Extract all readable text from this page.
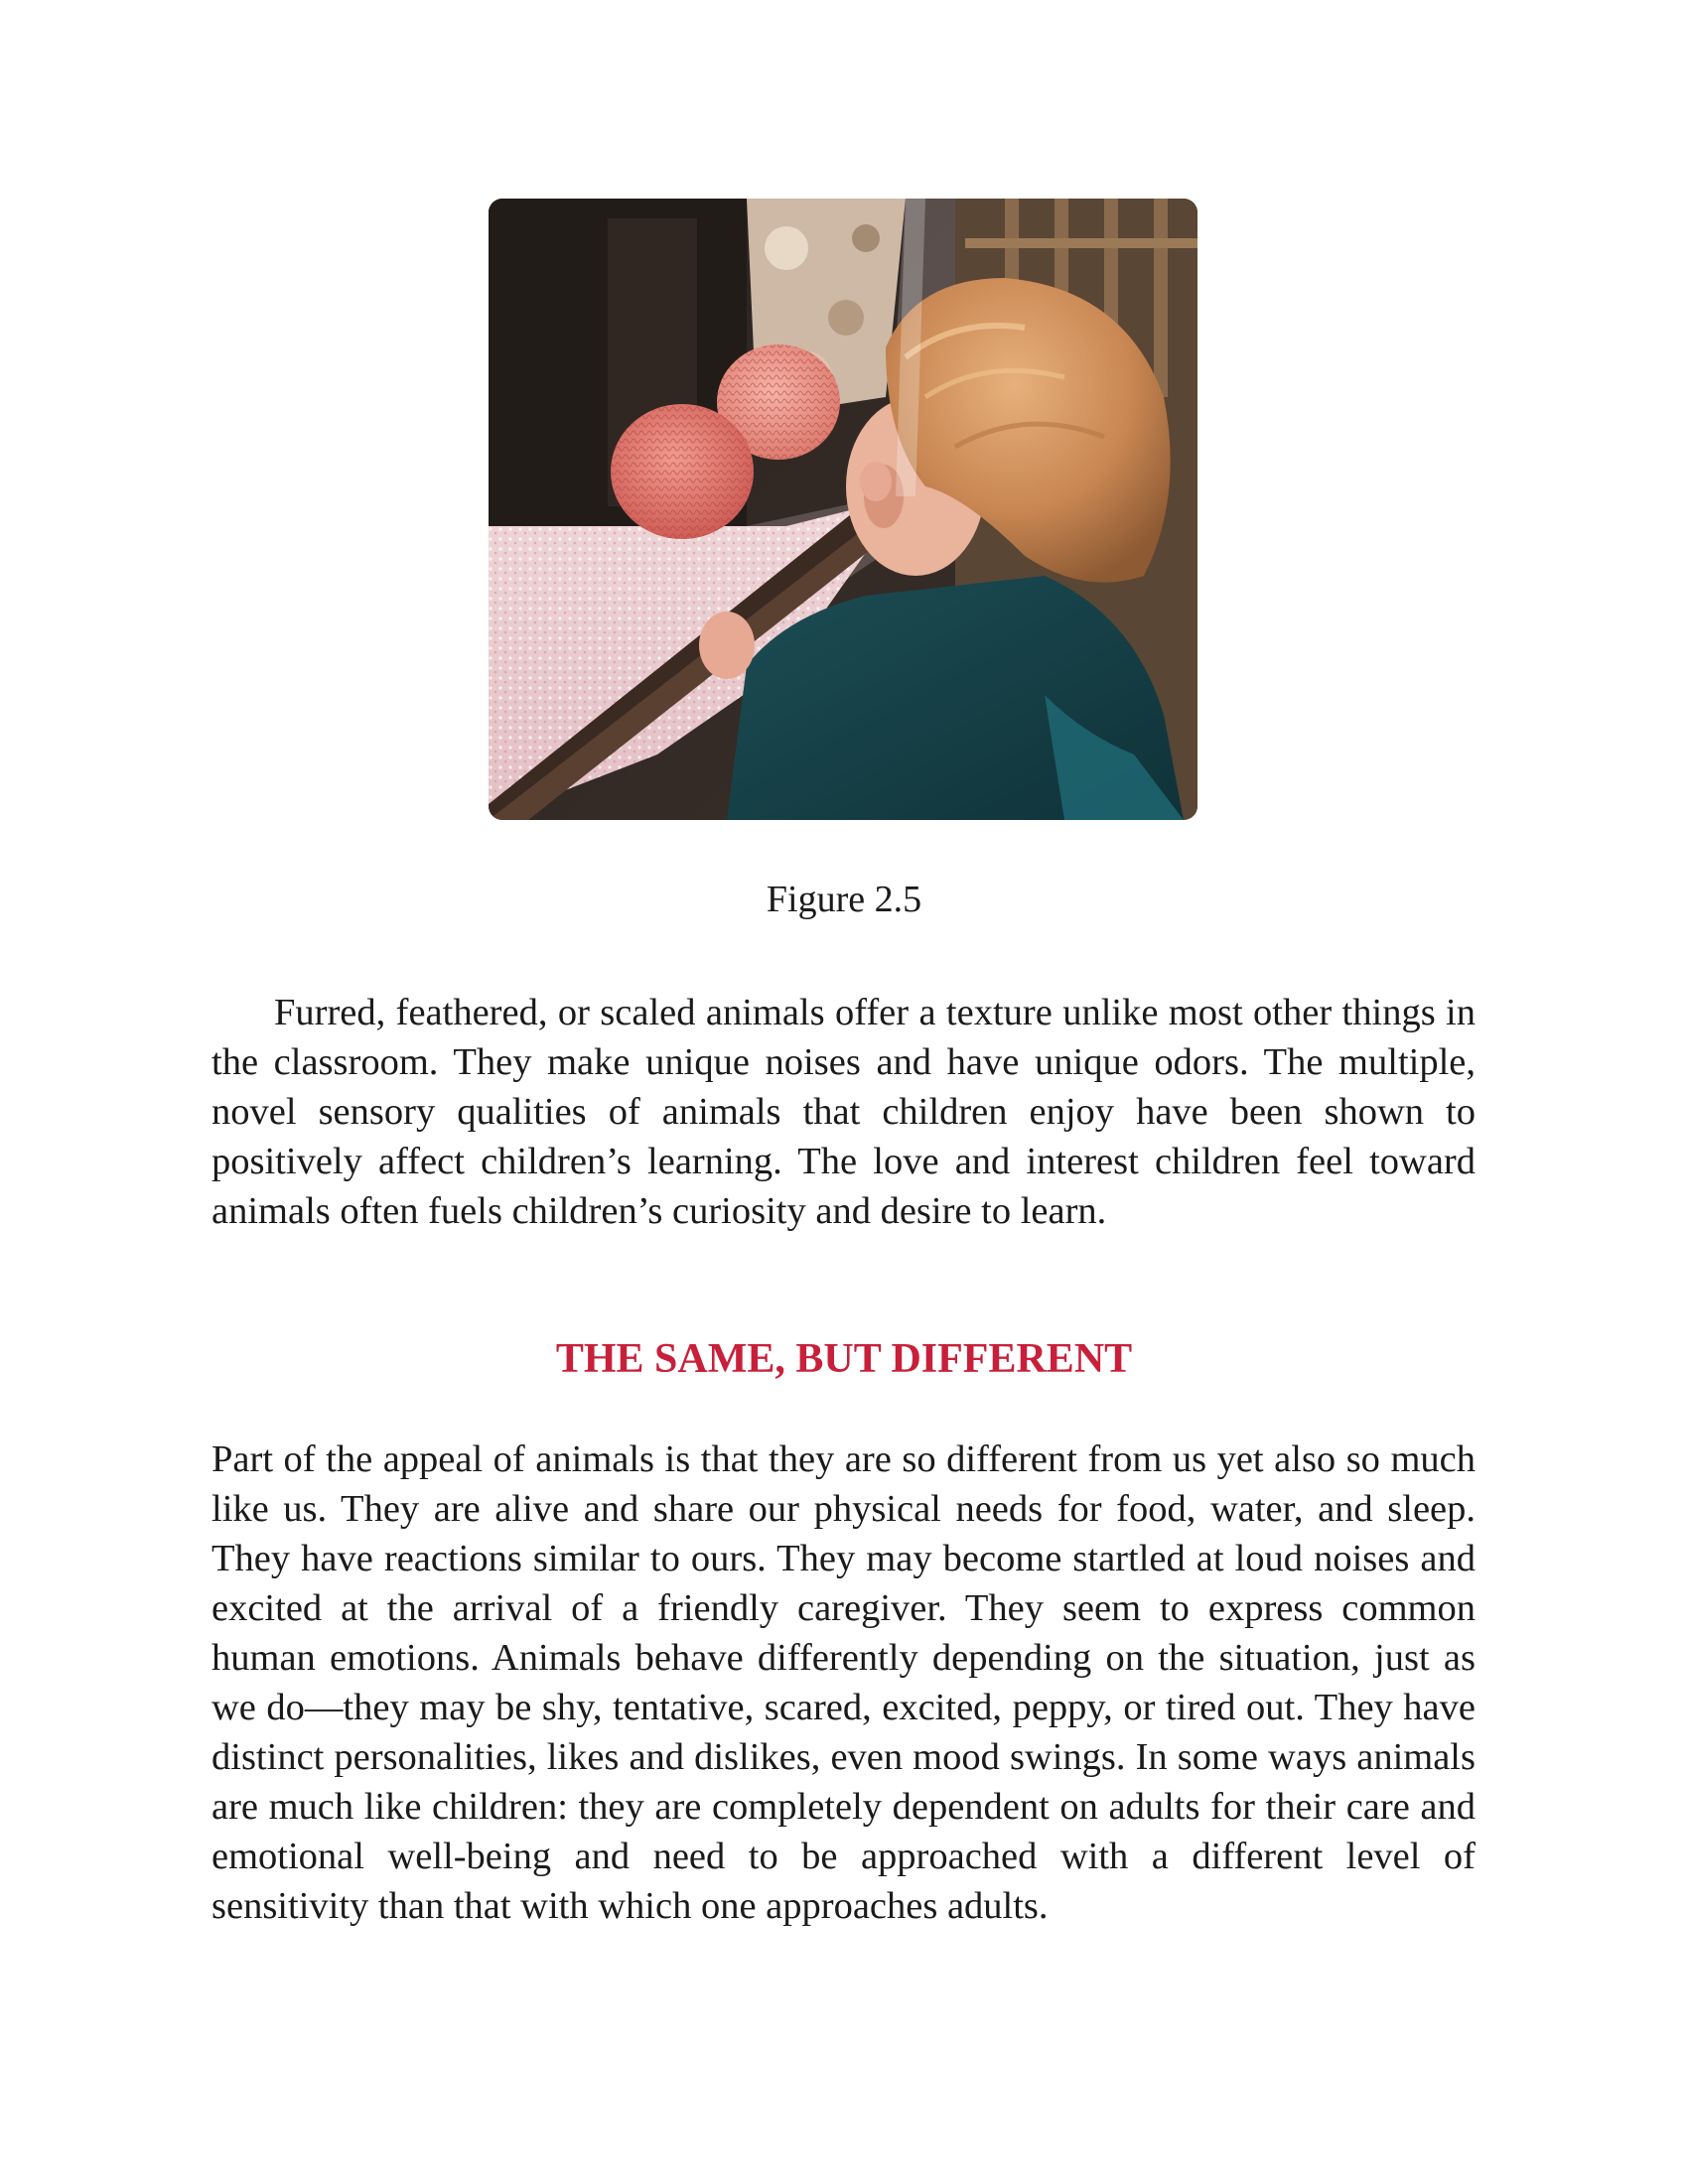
Figure 2.5

Furred, feathered, or scaled animals offer a texture unlike most other things in the classroom. They make unique noises and have unique odors. The multiple, novel sensory qualities of animals that children enjoy have been shown to positively affect children’s learning. The love and interest children feel toward animals often fuels children’s curiosity and desire to learn.

THE SAME, BUT DIFFERENT

Part of the appeal of animals is that they are so different from us yet also so much like us. They are alive and share our physical needs for food, water, and sleep. They have reactions similar to ours. They may become startled at loud noises and excited at the arrival of a friendly caregiver. They seem to express common human emotions. Animals behave differently depending on the situation, just as we do—they may be shy, tentative, scared, excited, peppy, or tired out. They have distinct personalities, likes and dislikes, even mood swings. In some ways animals are much like children: they are completely dependent on adults for their care and emotional well-being and need to be approached with a different level of sensitivity than that with which one approaches adults.
